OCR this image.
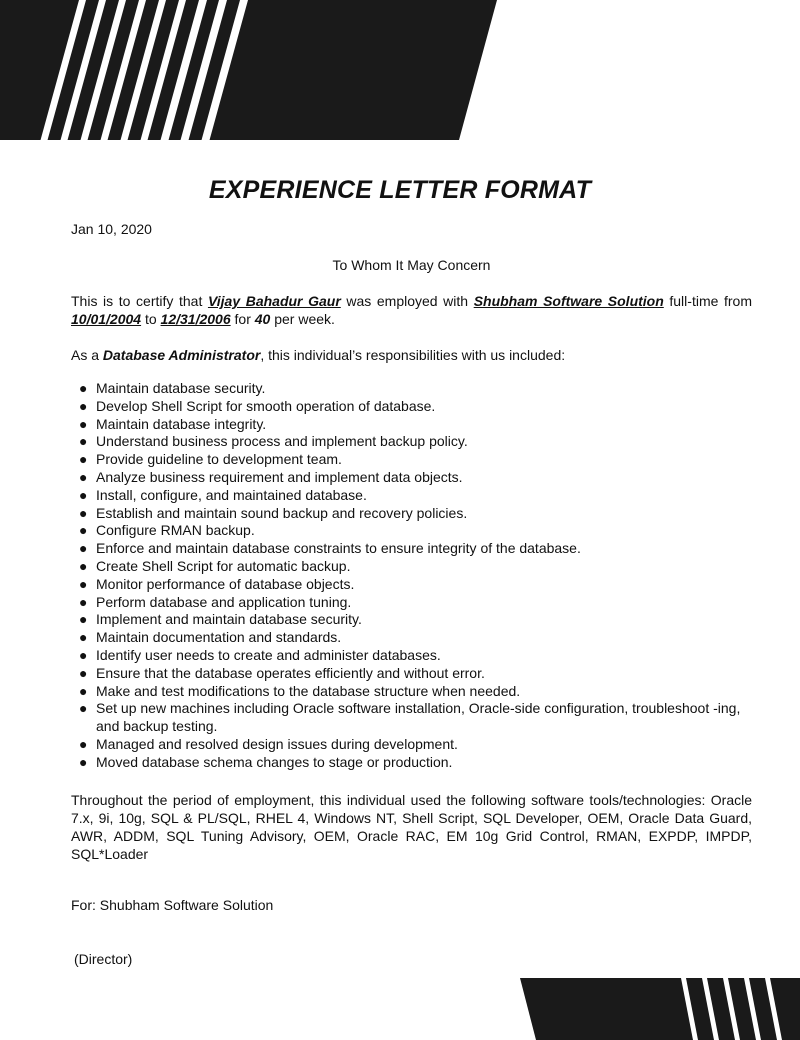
EXPERIENCE LETTER FORMAT
Jan 10, 2020
To Whom It May Concern

This is to certify that Vijay Bahadur Gaur was employed with Shubham Software Solution full-time from 10/01/2004 to 12/31/2006 for 40 per week.

As a Database Administrator, this individual’s responsibilities with us included:

● Maintain database security.
● Develop Shell Script for smooth operation of database.
● Maintain database integrity.
● Understand business process and implement backup policy.
● Provide guideline to development team.
● Analyze business requirement and implement data objects.
● Install, configure, and maintained database.
● Establish and maintain sound backup and recovery policies.
● Configure RMAN backup.
● Enforce and maintain database constraints to ensure integrity of the database.
● Create Shell Script for automatic backup.
● Monitor performance of database objects.
● Perform database and application tuning.
● Implement and maintain database security.
● Maintain documentation and standards.
● Identify user needs to create and administer databases.
● Ensure that the database operates efficiently and without error.
● Make and test modifications to the database structure when needed.
● Set up new machines including Oracle software installation, Oracle-side configuration, troubleshoot -ing, and backup testing.
● Managed and resolved design issues during development.
● Moved database schema changes to stage or production.

Throughout the period of employment, this individual used the following software tools/technologies: Oracle 7.x, 9i, 10g, SQL & PL/SQL, RHEL 4, Windows NT, Shell Script, SQL Developer, OEM, Oracle Data Guard, AWR, ADDM, SQL Tuning Advisory, OEM, Oracle RAC, EM 10g Grid Control, RMAN, EXPDP, IMPDP, SQL*Loader

For: Shubham Software Solution
(Director)
